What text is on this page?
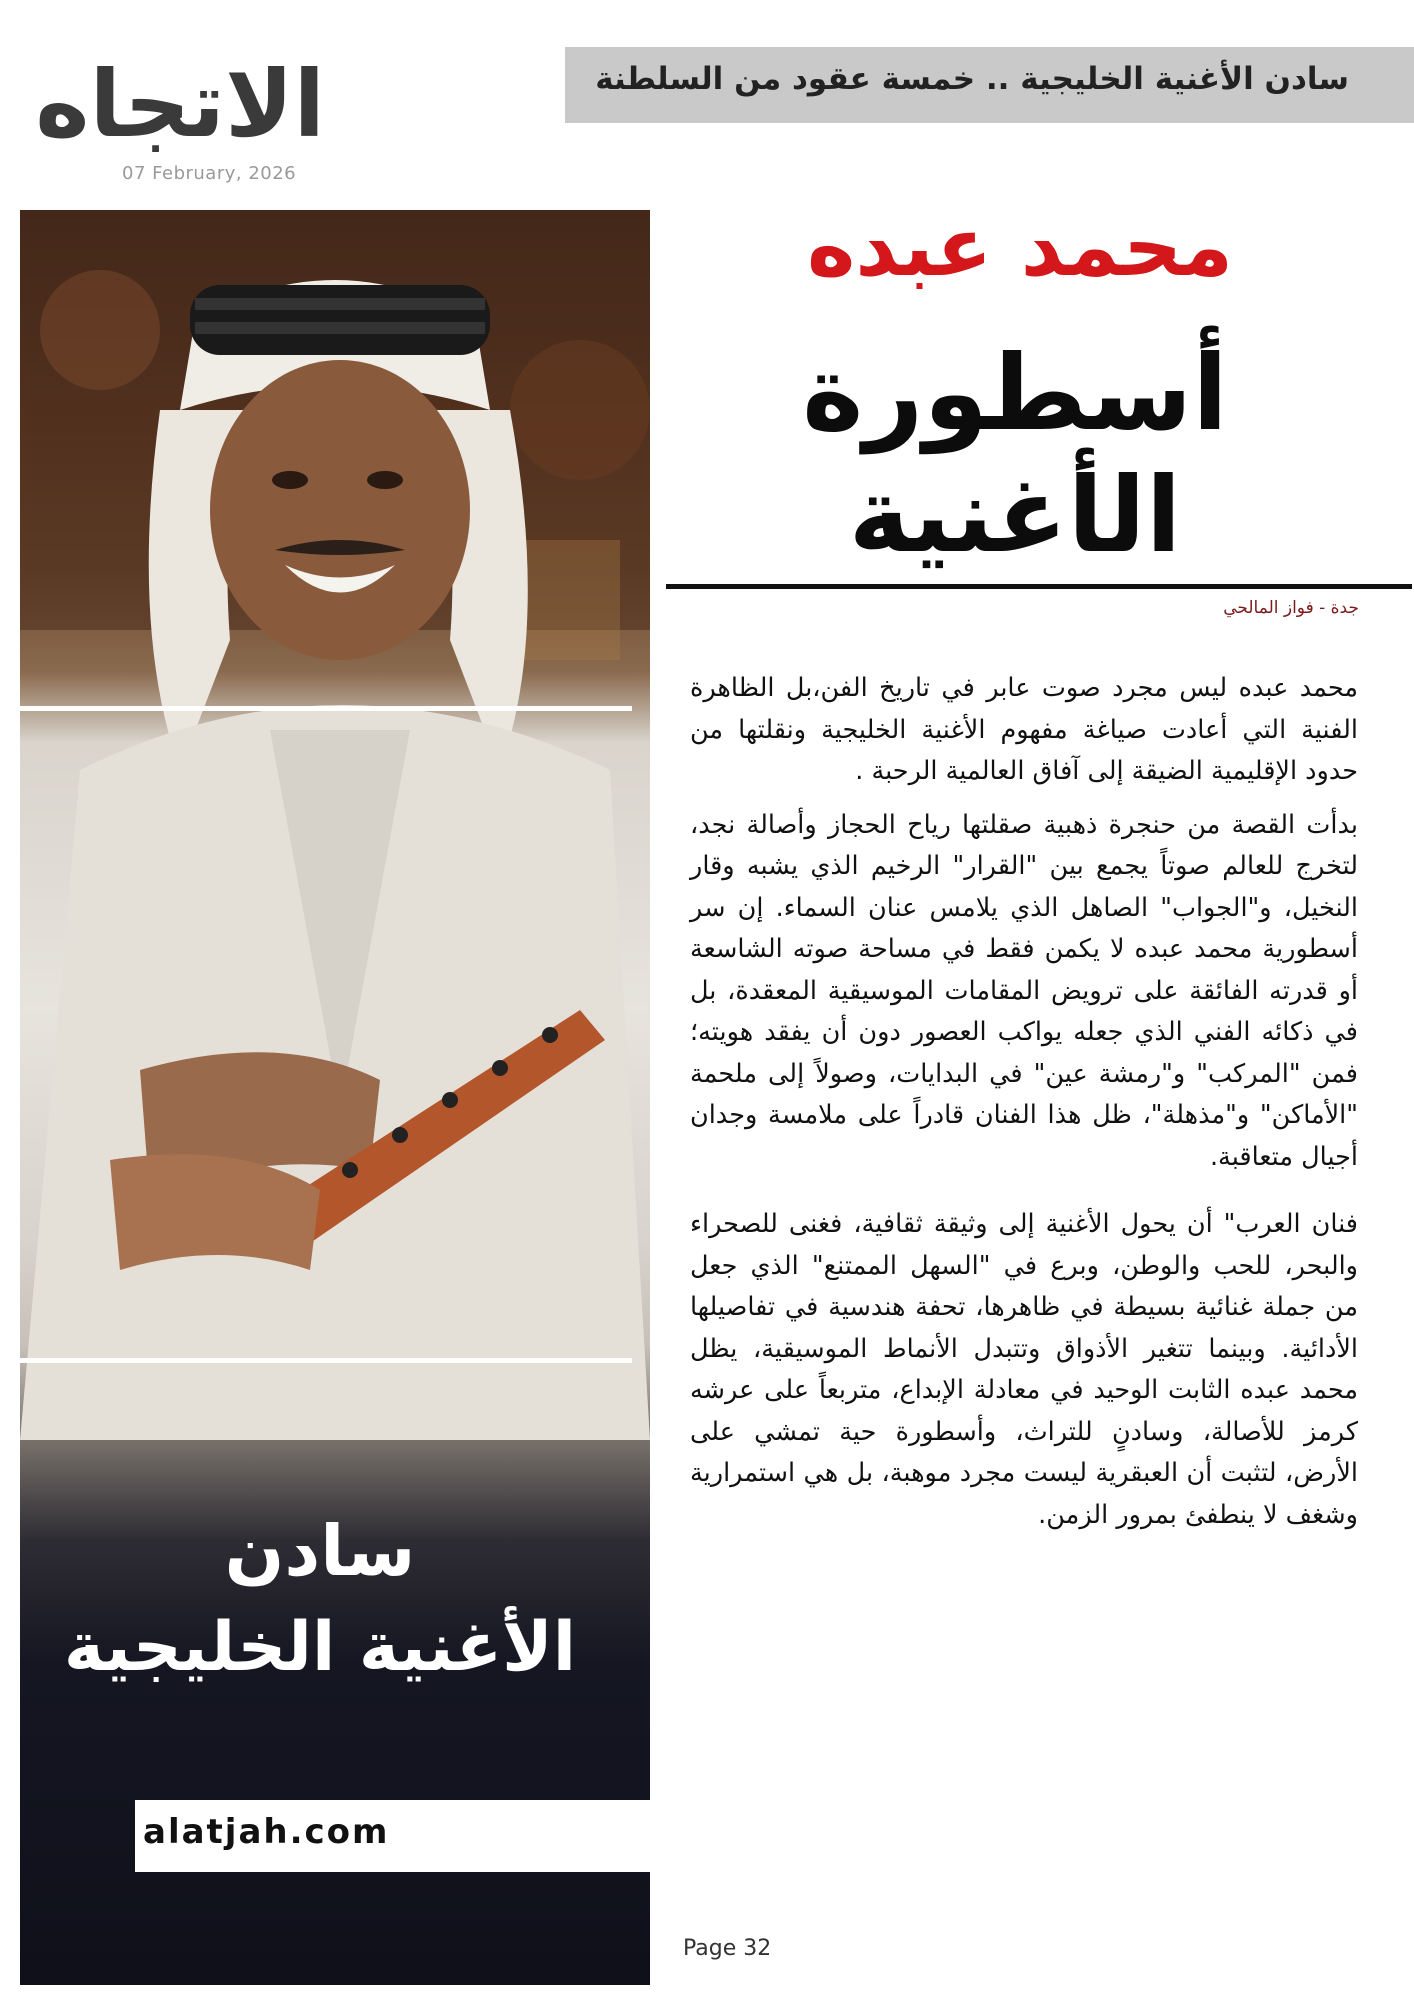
سادن الأغنية الخليجية .. خمسة عقود من السلطنة
الاتجاه
07 February, 2026
سادن
الأغنية الخليجية
alatjah.com
محمد عبده
أسطورة الأغنية
جدة - فواز المالحي

محمد عبده ليس مجرد صوت عابر في تاريخ الفن،بل الظاهرة الفنية التي أعادت صياغة مفهوم الأغنية الخليجية ونقلتها من حدود الإقليمية الضيقة إلى آفاق العالمية الرحبة .

بدأت القصة من حنجرة ذهبية صقلتها رياح الحجاز وأصالة نجد، لتخرج للعالم صوتاً يجمع بين "القرار" الرخيم الذي يشبه وقار النخيل، و"الجواب" الصاهل الذي يلامس عنان السماء. إن سر أسطورية محمد عبده لا يكمن فقط في مساحة صوته الشاسعة أو قدرته الفائقة على ترويض المقامات الموسيقية المعقدة، بل في ذكائه الفني الذي جعله يواكب العصور دون أن يفقد هويته؛ فمن "المركب" و"رمشة عين" في البدايات، وصولاً إلى ملحمة "الأماكن" و"مذهلة"، ظل هذا الفنان قادراً على ملامسة وجدان أجيال متعاقبة.

فنان العرب" أن يحول الأغنية إلى وثيقة ثقافية، فغنى للصحراء والبحر، للحب والوطن، وبرع في "السهل الممتنع" الذي جعل من جملة غنائية بسيطة في ظاهرها، تحفة هندسية في تفاصيلها الأدائية. وبينما تتغير الأذواق وتتبدل الأنماط الموسيقية، يظل محمد عبده الثابت الوحيد في معادلة الإبداع، متربعاً على عرشه كرمز للأصالة، وسادنٍ للتراث، وأسطورة حية تمشي على الأرض، لتثبت أن العبقرية ليست مجرد موهبة، بل هي استمرارية وشغف لا ينطفئ بمرور الزمن.

Page 32
